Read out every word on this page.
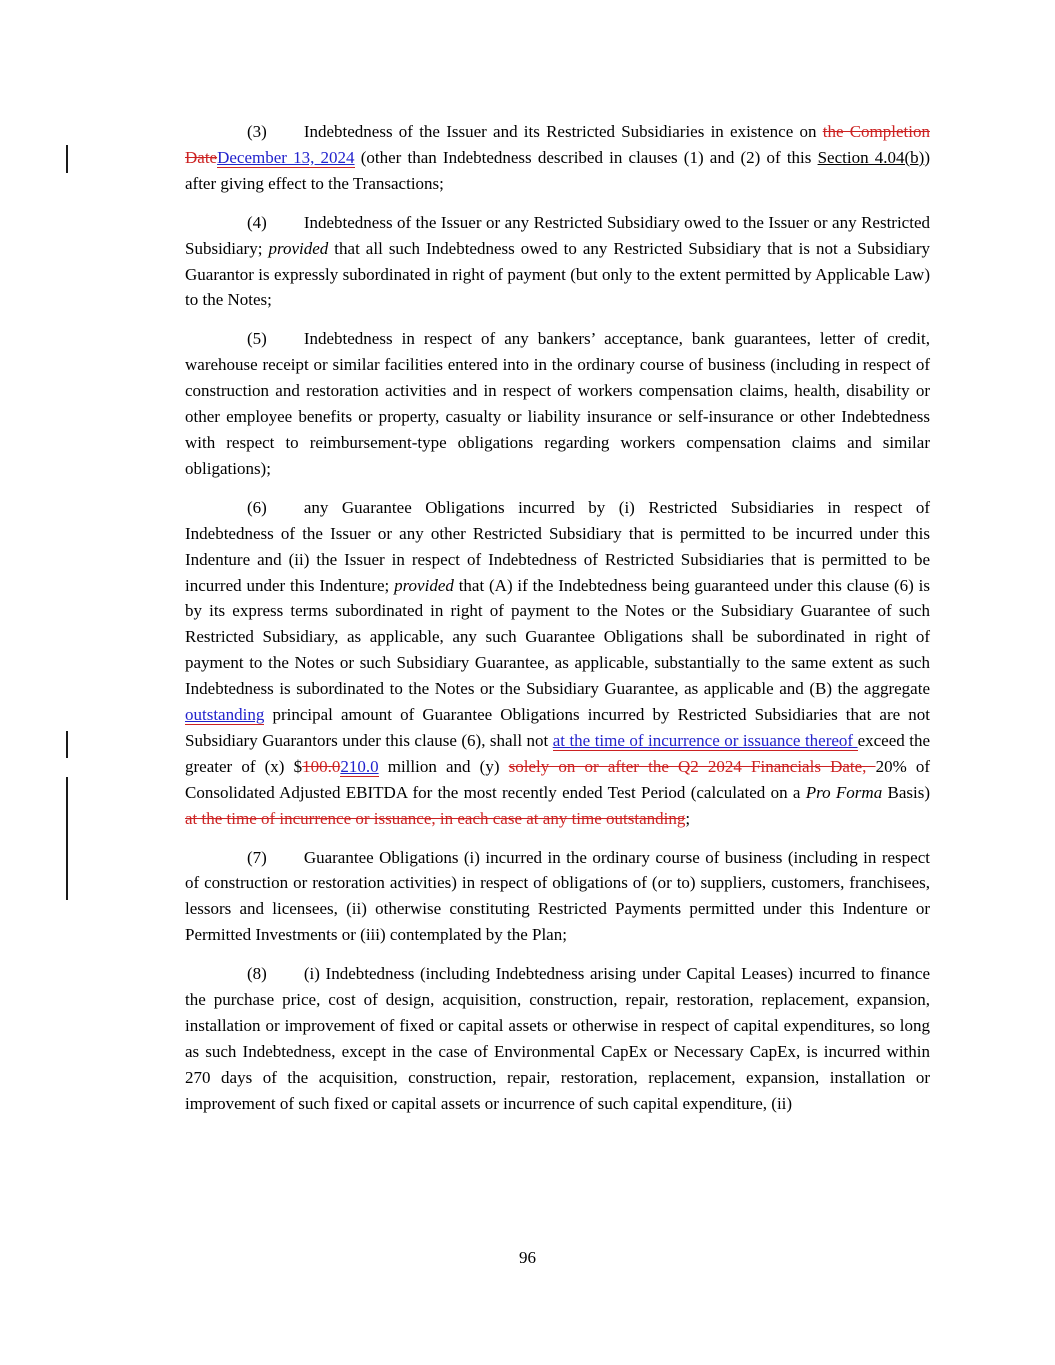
(3) Indebtedness of the Issuer and its Restricted Subsidiaries in existence on the Completion DateDecember 13, 2024 (other than Indebtedness described in clauses (1) and (2) of this Section 4.04(b)) after giving effect to the Transactions;

(4) Indebtedness of the Issuer or any Restricted Subsidiary owed to the Issuer or any Restricted Subsidiary; provided that all such Indebtedness owed to any Restricted Subsidiary that is not a Subsidiary Guarantor is expressly subordinated in right of payment (but only to the extent permitted by Applicable Law) to the Notes;

(5) Indebtedness in respect of any bankers’ acceptance, bank guarantees, letter of credit, warehouse receipt or similar facilities entered into in the ordinary course of business (including in respect of construction and restoration activities and in respect of workers compensation claims, health, disability or other employee benefits or property, casualty or liability insurance or self-insurance or other Indebtedness with respect to reimbursement-type obligations regarding workers compensation claims and similar obligations);

(6) any Guarantee Obligations incurred by (i) Restricted Subsidiaries in respect of Indebtedness of the Issuer or any other Restricted Subsidiary that is permitted to be incurred under this Indenture and (ii) the Issuer in respect of Indebtedness of Restricted Subsidiaries that is permitted to be incurred under this Indenture; provided that (A) if the Indebtedness being guaranteed under this clause (6) is by its express terms subordinated in right of payment to the Notes or the Subsidiary Guarantee of such Restricted Subsidiary, as applicable, any such Guarantee Obligations shall be subordinated in right of payment to the Notes or such Subsidiary Guarantee, as applicable, substantially to the same extent as such Indebtedness is subordinated to the Notes or the Subsidiary Guarantee, as applicable and (B) the aggregate outstanding principal amount of Guarantee Obligations incurred by Restricted Subsidiaries that are not Subsidiary Guarantors under this clause (6), shall not at the time of incurrence or issuance thereof exceed the greater of (x) $100.0210.0 million and (y) solely on or after the Q2 2024 Financials Date, 20% of Consolidated Adjusted EBITDA for the most recently ended Test Period (calculated on a Pro Forma Basis) at the time of incurrence or issuance, in each case at any time outstanding;

(7) Guarantee Obligations (i) incurred in the ordinary course of business (including in respect of construction or restoration activities) in respect of obligations of (or to) suppliers, customers, franchisees, lessors and licensees, (ii) otherwise constituting Restricted Payments permitted under this Indenture or Permitted Investments or (iii) contemplated by the Plan;

(8) (i) Indebtedness (including Indebtedness arising under Capital Leases) incurred to finance the purchase price, cost of design, acquisition, construction, repair, restoration, replacement, expansion, installation or improvement of fixed or capital assets or otherwise in respect of capital expenditures, so long as such Indebtedness, except in the case of Environmental CapEx or Necessary CapEx, is incurred within 270 days of the acquisition, construction, repair, restoration, replacement, expansion, installation or improvement of such fixed or capital assets or incurrence of such capital expenditure, (ii)

96
